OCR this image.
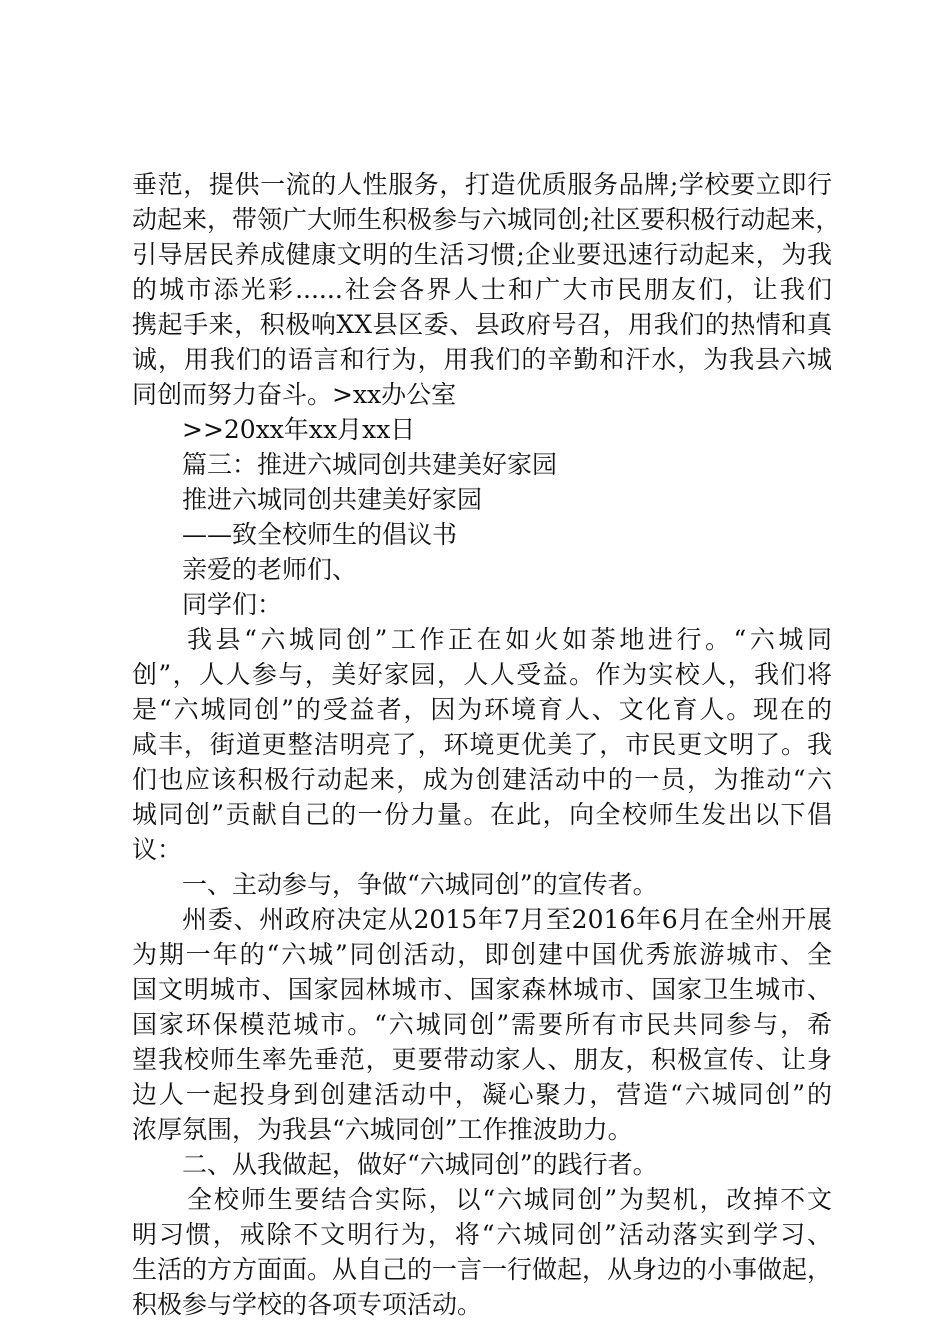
垂范，提供一流的人性服务，打造优质服务品牌;学校要立即行
动起来，带领广大师生积极参与六城同创;社区要积极行动起来，
引导居民养成健康文明的生活习惯;企业要迅速行动起来，为我
的城市添光彩......社会各界人士和广大市民朋友们，让我们
携起手来，积极响XX县区委、县政府号召，用我们的热情和真
诚，用我们的语言和行为，用我们的辛勤和汗水，为我县六城
同创而努力奋斗。>xx办公室
>>20xx年xx月xx日
篇三：推进六城同创共建美好家园
推进六城同创共建美好家园
——致全校师生的倡议书
亲爱的老师们、
同学们：
我县“六城同创”工作正在如火如荼地进行。“六城同
创”，人人参与，美好家园，人人受益。作为实校人，我们将
是“六城同创”的受益者，因为环境育人、文化育人。现在的
咸丰，街道更整洁明亮了，环境更优美了，市民更文明了。我
们也应该积极行动起来，成为创建活动中的一员，为推动“六
城同创”贡献自己的一份力量。在此，向全校师生发出以下倡
议：
一、主动参与，争做“六城同创”的宣传者。
州委、州政府决定从2015年7月至2016年6月在全州开展
为期一年的“六城”同创活动，即创建中国优秀旅游城市、全
国文明城市、国家园林城市、国家森林城市、国家卫生城市、
国家环保模范城市。“六城同创”需要所有市民共同参与，希
望我校师生率先垂范，更要带动家人、朋友，积极宣传、让身
边人一起投身到创建活动中，凝心聚力，营造“六城同创”的
浓厚氛围，为我县“六城同创”工作推波助力。
二、从我做起，做好“六城同创”的践行者。
全校师生要结合实际，以“六城同创”为契机，改掉不文
明习惯，戒除不文明行为，将“六城同创”活动落实到学习、
生活的方方面面。从自己的一言一行做起，从身边的小事做起，
积极参与学校的各项专项活动。
